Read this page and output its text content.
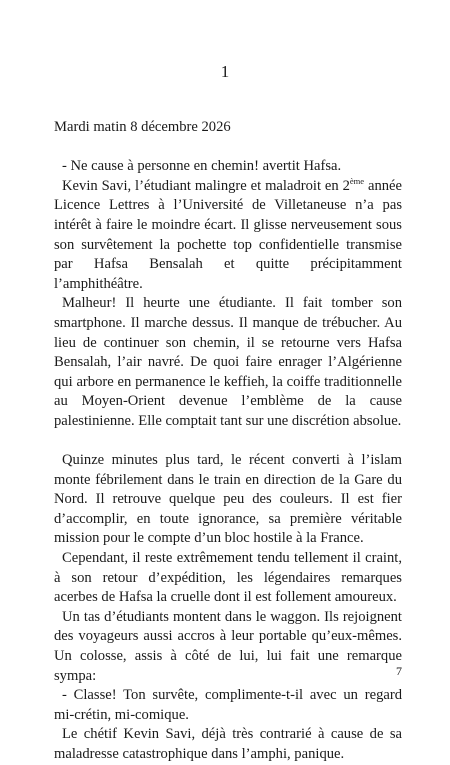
1

Mardi matin 8 décembre 2026

- Ne cause à personne en chemin! avertit Hafsa.

Kevin Savi, l’étudiant malingre et maladroit en 2ème année Licence Lettres à l’Université de Villetaneuse n’a pas intérêt à faire le moindre écart. Il glisse nerveusement sous son survêtement la pochette top confidentielle transmise par Hafsa Bensalah et quitte précipitamment l’amphithéâtre.

Malheur! Il heurte une étudiante. Il fait tomber son smartphone. Il marche dessus. Il manque de trébucher. Au lieu de continuer son chemin, il se retourne vers Hafsa Bensalah, l’air navré. De quoi faire enrager l’Algérienne qui arbore en permanence le keffieh, la coiffe traditionnelle au Moyen-Orient devenue l’emblème de la cause palestinienne. Elle comptait tant sur une discrétion absolue.

Quinze minutes plus tard, le récent converti à l’islam monte fébrilement dans le train en direction de la Gare du Nord. Il retrouve quelque peu des couleurs. Il est fier d’accomplir, en toute ignorance, sa première véritable mission pour le compte d’un bloc hostile à la France.

Cependant, il reste extrêmement tendu tellement il craint, à son retour d’expédition, les légendaires remarques acerbes de Hafsa la cruelle dont il est follement amoureux.

Un tas d’étudiants montent dans le waggon. Ils rejoignent des voyageurs aussi accros à leur portable qu’eux-mêmes. Un colosse, assis à côté de lui, lui fait une remarque sympa:

- Classe! Ton survête, complimente-t-il avec un regard mi-crétin, mi-comique.

Le chétif Kevin Savi, déjà très contrarié à cause de sa maladresse catastrophique dans l’amphi, panique.

7
